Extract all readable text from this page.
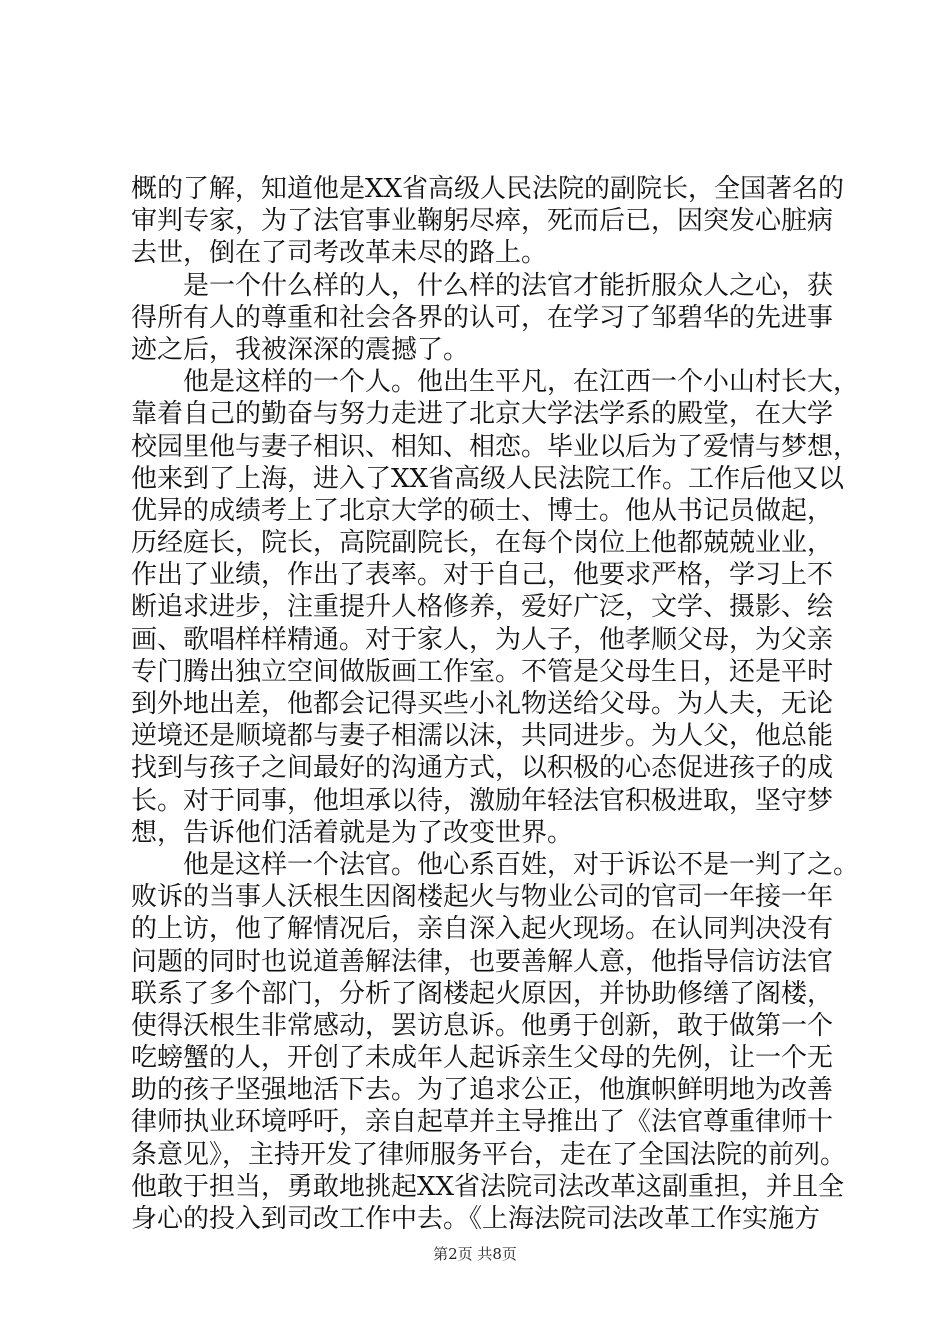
概的了解，知道他是XX省高级人民法院的副院长，全国著名的
审判专家，为了法官事业鞠躬尽瘁，死而后已，因突发心脏病
去世，倒在了司考改革未尽的路上。
　　是一个什么样的人，什么样的法官才能折服众人之心，获
得所有人的尊重和社会各界的认可，在学习了邹碧华的先进事
迹之后，我被深深的震撼了。
　　他是这样的一个人。他出生平凡，在江西一个小山村长大，
靠着自己的勤奋与努力走进了北京大学法学系的殿堂，在大学
校园里他与妻子相识、相知、相恋。毕业以后为了爱情与梦想，
他来到了上海，进入了XX省高级人民法院工作。工作后他又以
优异的成绩考上了北京大学的硕士、博士。他从书记员做起，
历经庭长，院长，高院副院长，在每个岗位上他都兢兢业业，
作出了业绩，作出了表率。对于自己，他要求严格，学习上不
断追求进步，注重提升人格修养，爱好广泛，文学、摄影、绘
画、歌唱样样精通。对于家人，为人子，他孝顺父母，为父亲
专门腾出独立空间做版画工作室。不管是父母生日，还是平时
到外地出差，他都会记得买些小礼物送给父母。为人夫，无论
逆境还是顺境都与妻子相濡以沫，共同进步。为人父，他总能
找到与孩子之间最好的沟通方式，以积极的心态促进孩子的成
长。对于同事，他坦承以待，激励年轻法官积极进取，坚守梦
想，告诉他们活着就是为了改变世界。
　　他是这样一个法官。他心系百姓，对于诉讼不是一判了之。
败诉的当事人沃根生因阁楼起火与物业公司的官司一年接一年
的上访，他了解情况后，亲自深入起火现场。在认同判决没有
问题的同时也说道善解法律，也要善解人意，他指导信访法官
联系了多个部门，分析了阁楼起火原因，并协助修缮了阁楼，
使得沃根生非常感动，罢访息诉。他勇于创新，敢于做第一个
吃螃蟹的人，开创了未成年人起诉亲生父母的先例，让一个无
助的孩子坚强地活下去。为了追求公正，他旗帜鲜明地为改善
律师执业环境呼吁，亲自起草并主导推出了《法官尊重律师十
条意见》，主持开发了律师服务平台，走在了全国法院的前列。
他敢于担当，勇敢地挑起XX省法院司法改革这副重担，并且全
身心的投入到司改工作中去。《上海法院司法改革工作实施方
第2页 共8页
